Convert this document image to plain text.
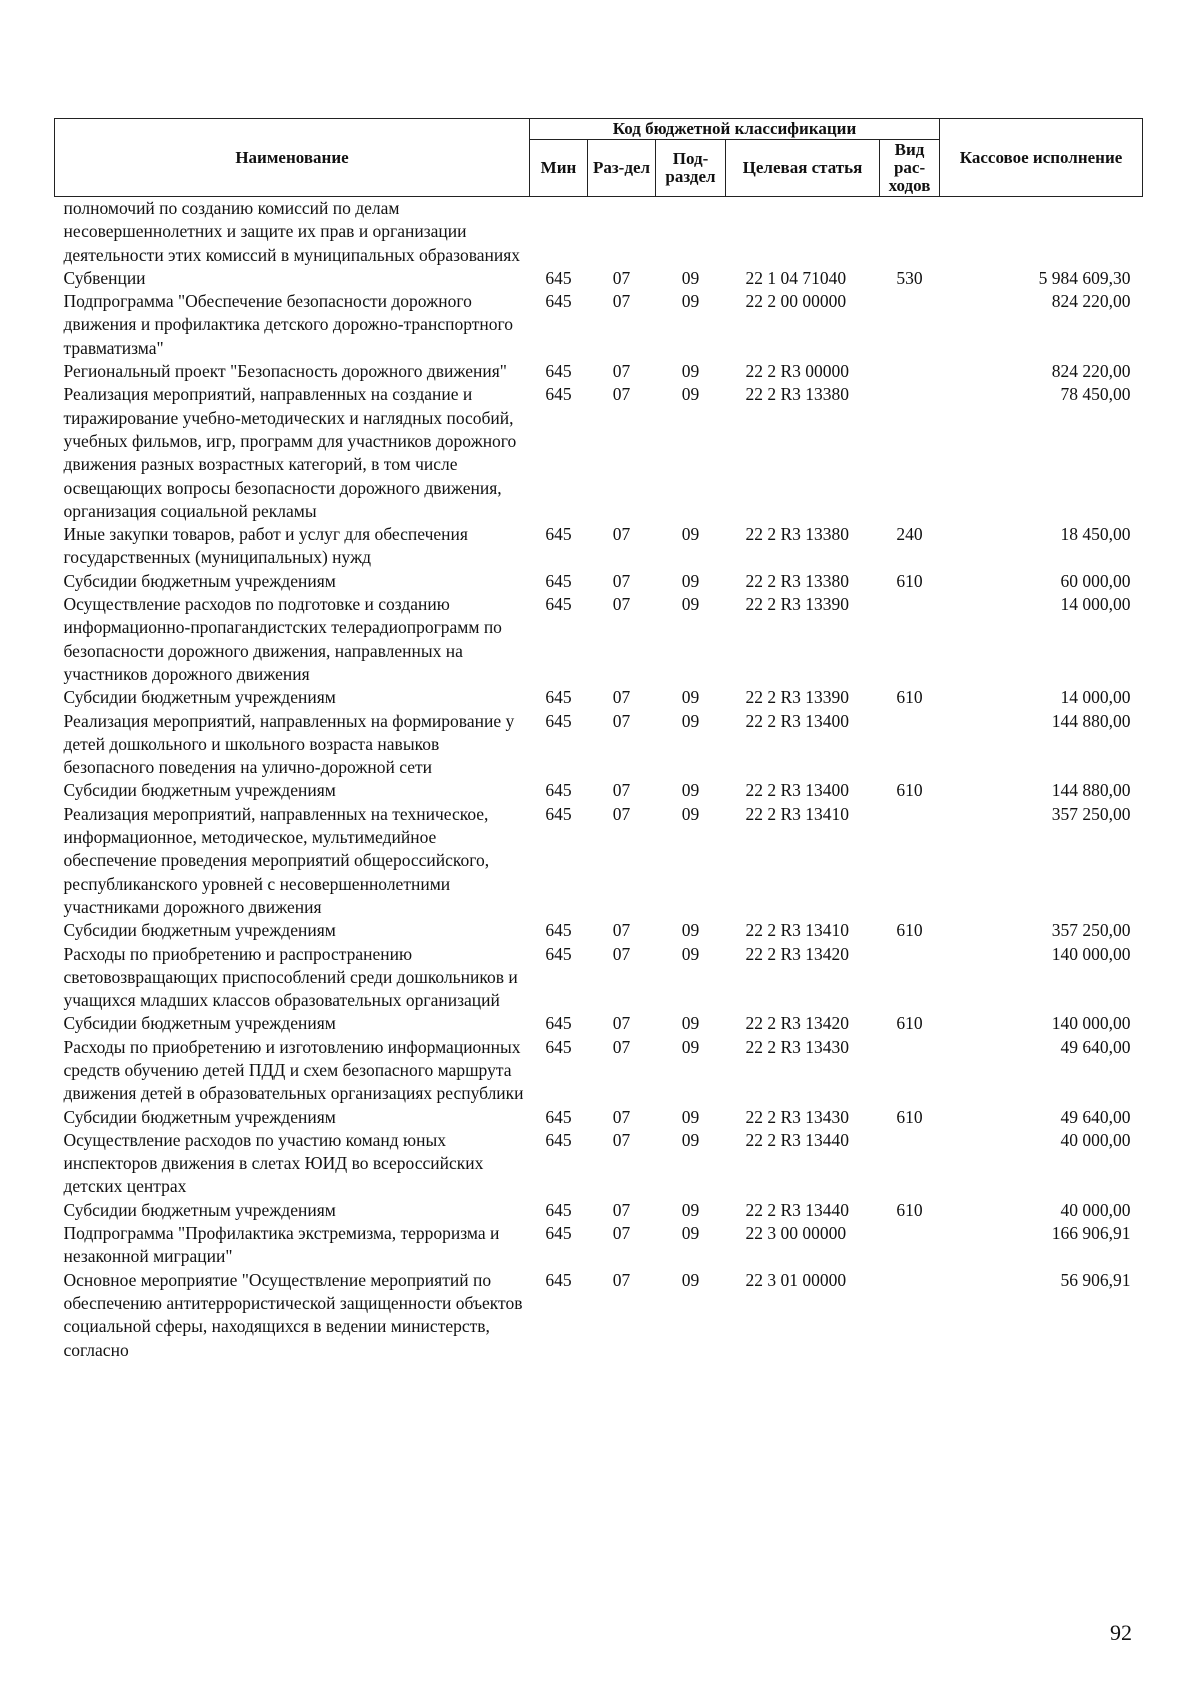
Наименование	Код бюджетной классификации					Кассовое исполнение
	Мин	Раз-дел	Под-раздел	Целевая статья	Вид рас-ходов	
полномочий по созданию комиссий по делам несовершеннолетних и защите их прав и организации деятельности этих комиссий в муниципальных образованиях						
Субвенции	645	07	09	22 1 04 71040	530	5 984 609,30
Подпрограмма "Обеспечение безопасности дорожного движения и профилактика детского дорожно-транспортного травматизма"	645	07	09	22 2 00 00000		824 220,00
Региональный проект "Безопасность дорожного движения"	645	07	09	22 2 R3 00000		824 220,00
Реализация мероприятий, направленных на создание и тиражирование учебно-методических и наглядных пособий, учебных фильмов, игр, программ для участников дорожного движения разных возрастных категорий, в том числе освещающих вопросы безопасности дорожного движения, организация социальной рекламы	645	07	09	22 2 R3 13380		78 450,00
Иные закупки товаров, работ и услуг для обеспечения государственных (муниципальных) нужд	645	07	09	22 2 R3 13380	240	18 450,00
Субсидии бюджетным учреждениям	645	07	09	22 2 R3 13380	610	60 000,00
Осуществление расходов по подготовке и созданию информационно-пропагандистских телерадиопрограмм по безопасности дорожного движения, направленных на участников дорожного движения	645	07	09	22 2 R3 13390		14 000,00
Субсидии бюджетным учреждениям	645	07	09	22 2 R3 13390	610	14 000,00
Реализация мероприятий, направленных на формирование у детей дошкольного и школьного возраста навыков безопасного поведения на улично-дорожной сети	645	07	09	22 2 R3 13400		144 880,00
Субсидии бюджетным учреждениям	645	07	09	22 2 R3 13400	610	144 880,00
Реализация мероприятий, направленных на техническое, информационное, методическое, мультимедийное обеспечение проведения мероприятий общероссийского, республиканского уровней с несовершеннолетними участниками дорожного движения	645	07	09	22 2 R3 13410		357 250,00
Субсидии бюджетным учреждениям	645	07	09	22 2 R3 13410	610	357 250,00
Расходы по приобретению и распространению световозвращающих приспособлений среди дошкольников и учащихся младших классов образовательных организаций	645	07	09	22 2 R3 13420		140 000,00
Субсидии бюджетным учреждениям	645	07	09	22 2 R3 13420	610	140 000,00
Расходы по приобретению и изготовлению информационных средств обучению детей ПДД и схем безопасного маршрута движения детей в образовательных организациях республики	645	07	09	22 2 R3 13430		49 640,00
Субсидии бюджетным учреждениям	645	07	09	22 2 R3 13430	610	49 640,00
Осуществление расходов по участию команд юных инспекторов движения в слетах ЮИД во всероссийских детских центрах	645	07	09	22 2 R3 13440		40 000,00
Субсидии бюджетным учреждениям	645	07	09	22 2 R3 13440	610	40 000,00
Подпрограмма "Профилактика экстремизма, терроризма и незаконной миграции"	645	07	09	22 3 00 00000		166 906,91
Основное мероприятие "Осуществление мероприятий по обеспечению антитеррористической защищенности объектов социальной сферы, находящихся в ведении министерств, согласно	645	07	09	22 3 01 00000		56 906,91
92
